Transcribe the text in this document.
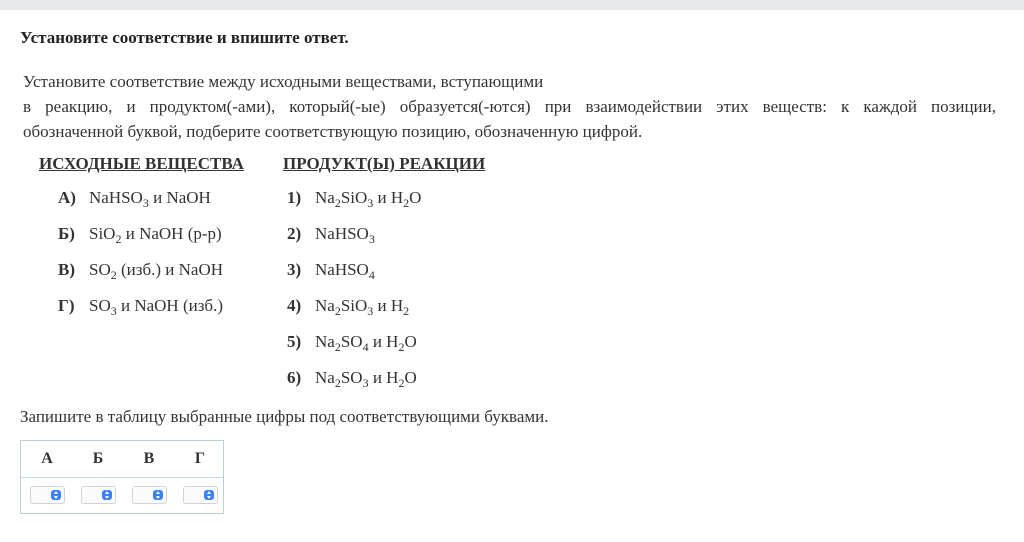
Установите соответствие и впишите ответ.
Установите соответствие между исходными веществами, вступающими
в реакцию, и продуктом(-ами), который(-ые) образуется(-ются) при взаимодействии этих веществ: к каждой позиции,
обозначенной буквой, подберите соответствующую позицию, обозначенную цифрой.
ИСХОДНЫЕ ВЕЩЕСТВА ПРОДУКТ(Ы) РЕАКЦИИ
А) NaHSO$_3$ и NaOH
Б) SiO$_2$ и NaOH (р-р)
В) $SO_2$ (изб.) и NaOH
Г) $SO_3$ и NaOH (изб.)
1) $Na_2SiO_3$ и $H_2O$
2) NaHSO$_3$
3) NaHSO$_4$
4) $Na_2SiO_3$ и $H_2$
5) $Na_2SO_4$ и $H_2O$
6) $Na_2SO_3$ и $H_2O$
Запишите в таблицу выбранные цифры под соответствующими буквами.
А	Б	В	Г
